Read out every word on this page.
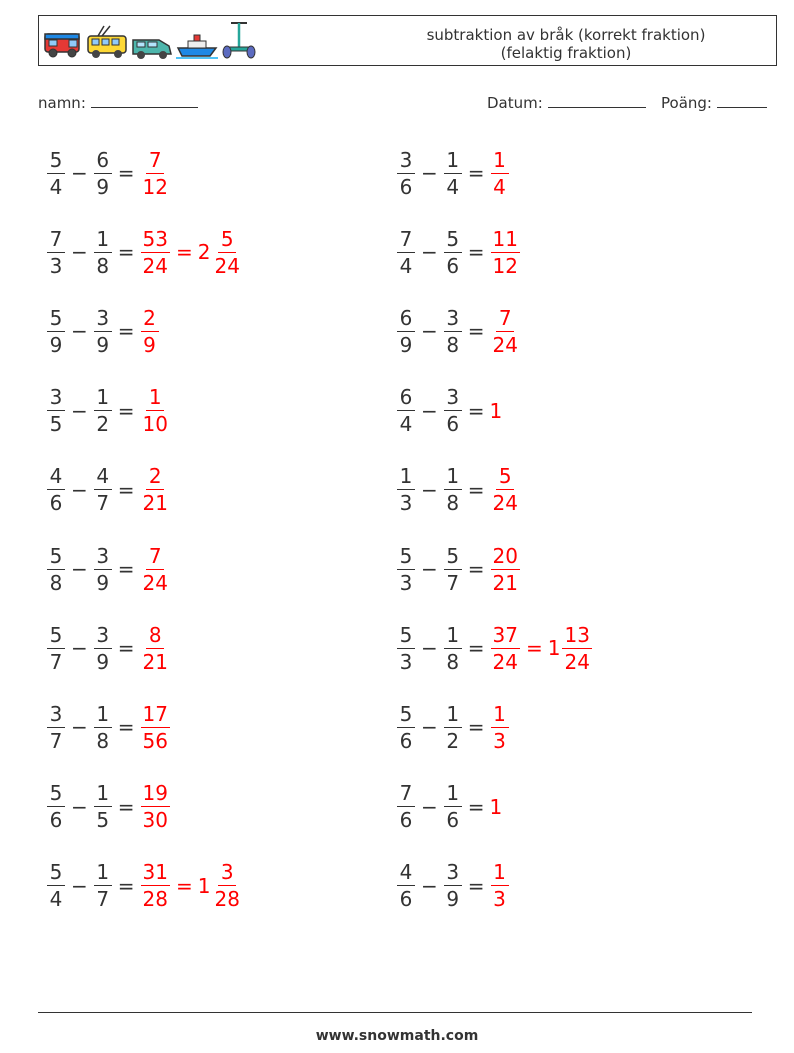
subtraktion av bråk (korrekt fraktion)
(felaktig fraktion)
namn:	Datum:	Poäng:
$\frac{5}{4} - \frac{6}{9} = \frac{7}{12}$	$\frac{3}{6} - \frac{1}{4} = \frac{1}{4}$
$\frac{7}{3} - \frac{1}{8} = \frac{53}{24} = 2 \frac{5}{24}$	$\frac{7}{4} - \frac{5}{6} = \frac{11}{12}$
$\frac{5}{9} - \frac{3}{9} = \frac{2}{9}$	$\frac{6}{9} - \frac{3}{8} = \frac{7}{24}$
$\frac{3}{5} - \frac{1}{2} = \frac{1}{10}$	$\frac{6}{4} - \frac{3}{6} = 1$
$\frac{4}{6} - \frac{4}{7} = \frac{2}{21}$	$\frac{1}{3} - \frac{1}{8} = \frac{5}{24}$
$\frac{5}{8} - \frac{3}{9} = \frac{7}{24}$	$\frac{5}{3} - \frac{5}{7} = \frac{20}{21}$
$\frac{5}{7} - \frac{3}{9} = \frac{8}{21}$	$\frac{5}{3} - \frac{1}{8} = \frac{37}{24} = 1 \frac{13}{24}$
$\frac{3}{7} - \frac{1}{8} = \frac{17}{56}$	$\frac{5}{6} - \frac{1}{2} = \frac{1}{3}$
$\frac{5}{6} - \frac{1}{5} = \frac{19}{30}$	$\frac{7}{6} - \frac{1}{6} = 1$
$\frac{5}{4} - \frac{1}{7} = \frac{31}{28} = 1 \frac{3}{28}$	$\frac{4}{6} - \frac{3}{9} = \frac{1}{3}$
www.snowmath.com
